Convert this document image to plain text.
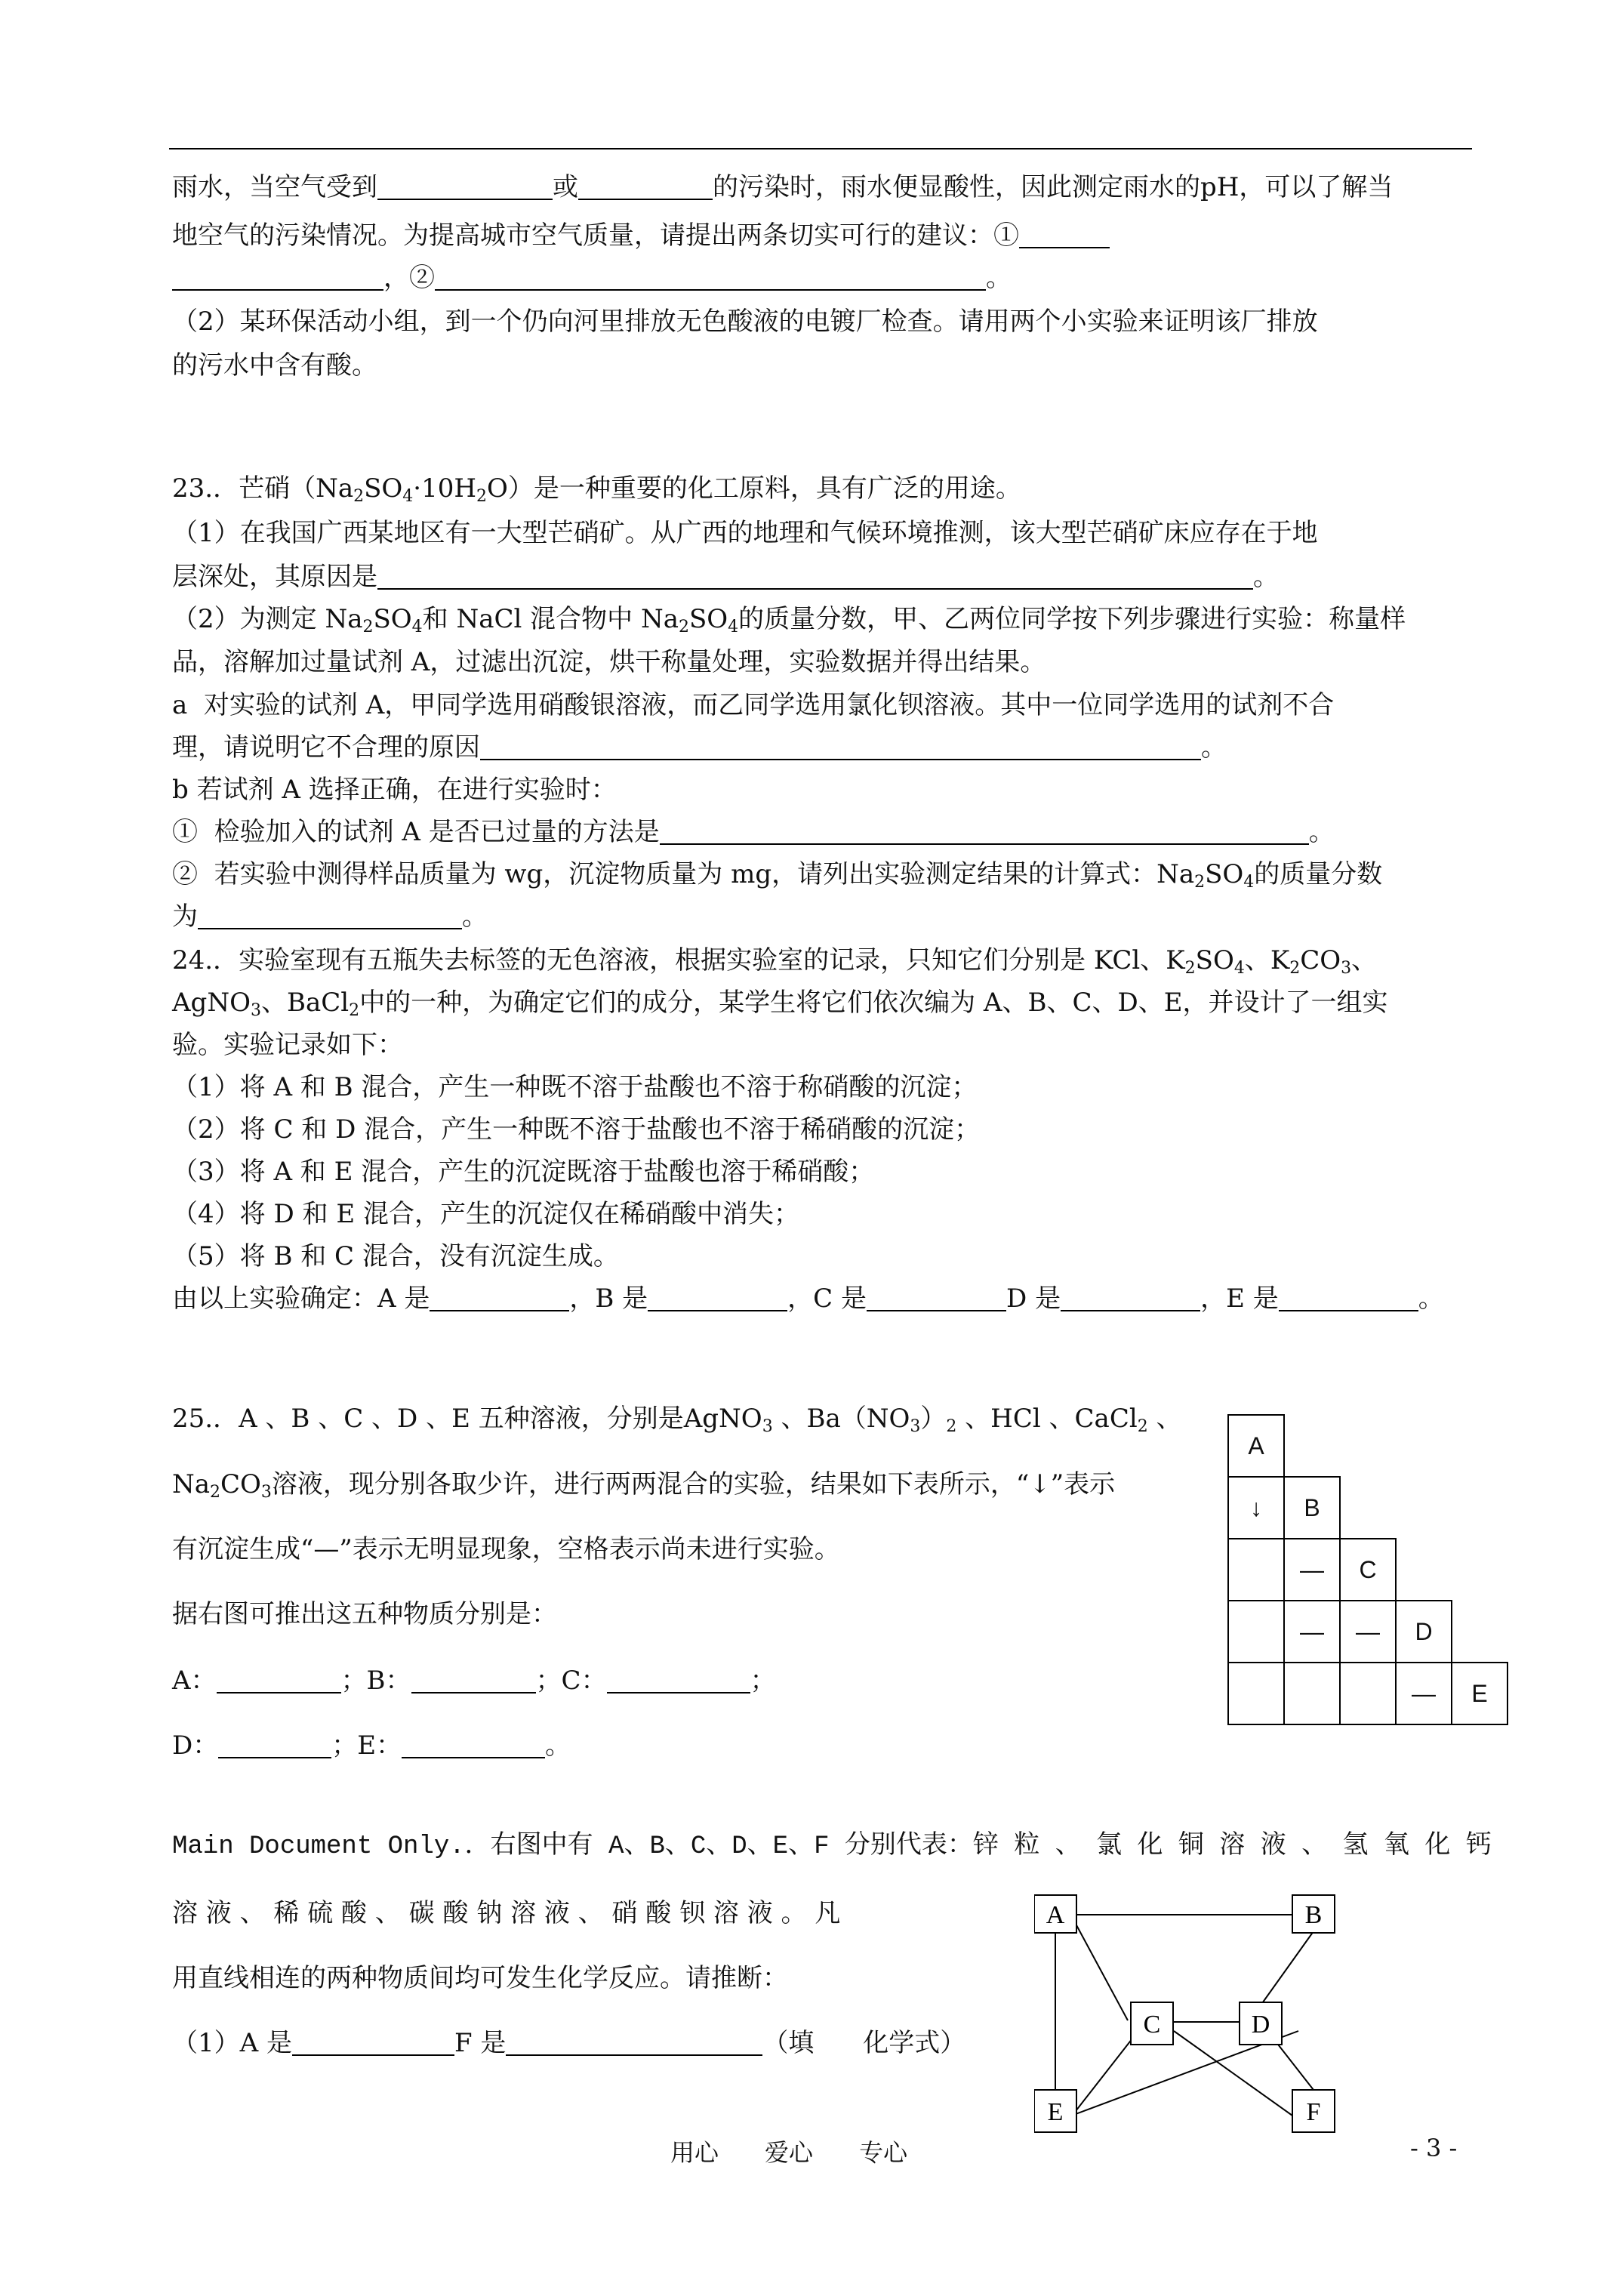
雨水，当空气受到	或	的污染时，雨水便显酸性，因此测定雨水的pH，可以了解当
地空气的污染情况。为提高城市空气质量，请提出两条切实可行的建议：①
，②	。
（2）某环保活动小组，到一个仍向河里排放无色酸液的电镀厂检查。请用两个小实验来证明该厂排放
的污水中含有酸。
23.．芒硝$(Na_2SO_4\cdot 10H_2O)$是一种重要的化工原料，具有广泛的用途。
（1）在我国广西某地区有一大型芒硝矿。从广西的地理和气候环境推测，该大型芒硝矿床应存在于地
层深处，其原因是	。
（2）为测定 $Na_2SO_4$和 NaCl 混合物中 $Na_2SO_4$的质量分数，甲、乙两位同学按下列步骤进行实验：称量样
品，溶解加过量试剂 A，过滤出沉淀，烘干称量处理，实验数据并得出结果。
a  对实验的试剂 A，甲同学选用硝酸银溶液，而乙同学选用氯化钡溶液。其中一位同学选用的试剂不合
理，请说明它不合理的原因	。
b 若试剂 A 选择正确，在进行实验时：
①  检验加入的试剂 A 是否已过量的方法是	。
②  若实验中测得样品质量为 wg，沉淀物质量为 mg，请列出实验测定结果的计算式：$Na_2SO_4$的质量分数
为	。
24.．实验室现有五瓶失去标签的无色溶液，根据实验室的记录，只知它们分别是 KCl、$K_2SO_4$、$K_2CO_3$、
AgNO$_3$、BaCl$_2$中的一种，为确定它们的成分，某学生将它们依次编为 A、B、C、D、E，并设计了一组实
验。实验记录如下：
（1）将 A 和 B 混合，产生一种既不溶于盐酸也不溶于称硝酸的沉淀；
（2）将 C 和 D 混合，产生一种既不溶于盐酸也不溶于稀硝酸的沉淀；
（3）将 A 和 E 混合，产生的沉淀既溶于盐酸也溶于稀硝酸；
（4）将 D 和 E 混合，产生的沉淀仅在稀硝酸中消失；
（5）将 B 和 C 混合，没有沉淀生成。
由以上实验确定：A 是	，B 是	，C 是	D 是	，E 是	。
25.．A 、B 、C 、D 、E 五种溶液，分别是AgNO$_3$ 、$Ba(NO_3)_2$ 、HCl 、CaCl$_2$ 、
$Na_2CO_3$溶液，现分别各取少许，进行两两混合的实验，结果如下表所示，“↓”表示
有沉淀生成“—”表示无明显现象，空格表示尚未进行实验。
据右图可推出这五种物质分别是：
A：	；B：	；C：	；
D：	；E：	。
A				
↓	B			
	—	C		
	—	—	D	
			—	E
Main Document Only.．右图中有 A、B、C、D、E、F 分别代表：锌 粒 、 氯 化 铜 溶 液 、 氢 氧 化 钙
溶 液 、 稀 硫 酸 、 碳 酸 钠 溶 液 、 硝 酸 钡 溶 液 。 凡
用直线相连的两种物质间均可发生化学反应。请推断：
（1）A 是	F 是	（填      化学式）
A	B
C	D
E	F
用心      爱心      专心	- 3 -
